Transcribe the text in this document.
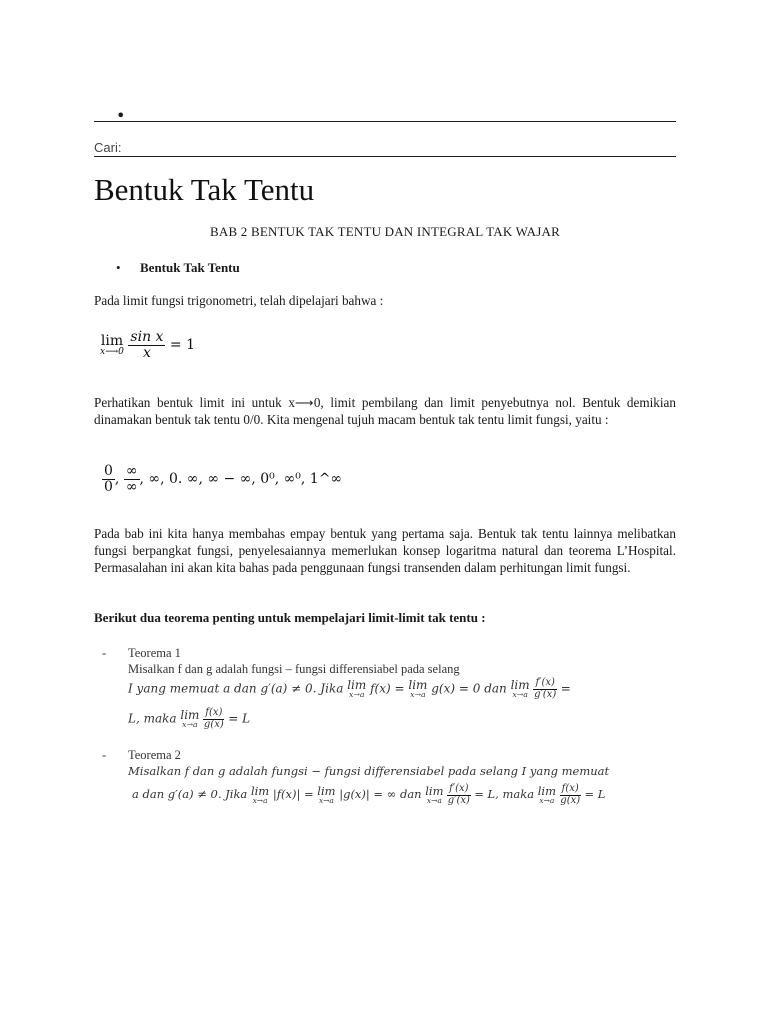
•
Cari:
Bentuk Tak Tentu
BAB 2 BENTUK TAK TENTU DAN INTEGRAL TAK WAJAR
• Bentuk Tak Tentu
Pada limit fungsi trigonometri, telah dipelajari bahwa :
lim
x⟶0
$\frac{\text{sin x}}{x} = 1$
Perhatikan bentuk limit ini untuk x⟶0, limit pembilang dan limit penyebutnya nol. Bentuk demikian dinamakan bentuk tak tentu 0/0. Kita mengenal tujuh macam bentuk tak tentu limit fungsi, yaitu :
$\frac{0}{0}$ , $\frac{\infty}{\infty}$ , ∞, 0. ∞, ∞ − ∞, 0⁰, ∞⁰, 1^∞
Pada bab ini kita hanya membahas empay bentuk yang pertama saja. Bentuk tak tentu lainnya melibatkan fungsi berpangkat fungsi, penyelesaiannya memerlukan konsep logaritma natural dan teorema L’Hospital. Permasalahan ini akan kita bahas pada penggunaan fungsi transenden dalam perhitungan limit fungsi.
Berikut dua teorema penting untuk mempelajari limit-limit tak tentu :
- Teorema 1
Misalkan f dan g adalah fungsi – fungsi differensiabel pada selang
I yang memuat a dan g′(a) ≠ 0. Jika lim
x→a f(x) = lim
x→a g(x) = 0 dan lim
x→a
$\frac{f'(x)}{g'(x)}$ =
L, maka lim
x→a
$\frac{f(x)}{g(x)} = L$
- Teorema 2
Misalkan f dan g adalah fungsi − fungsi differensiabel pada selang I yang memuat
a dan g′(a) ≠ 0. Jika lim
x→a |f(x)| = lim
x→a |g(x)| = ∞ dan lim
x→a
$\frac{f'(x)}{g'(x)} = L$, maka lim
x→a
$\frac{f(x)}{g(x)} = L$
